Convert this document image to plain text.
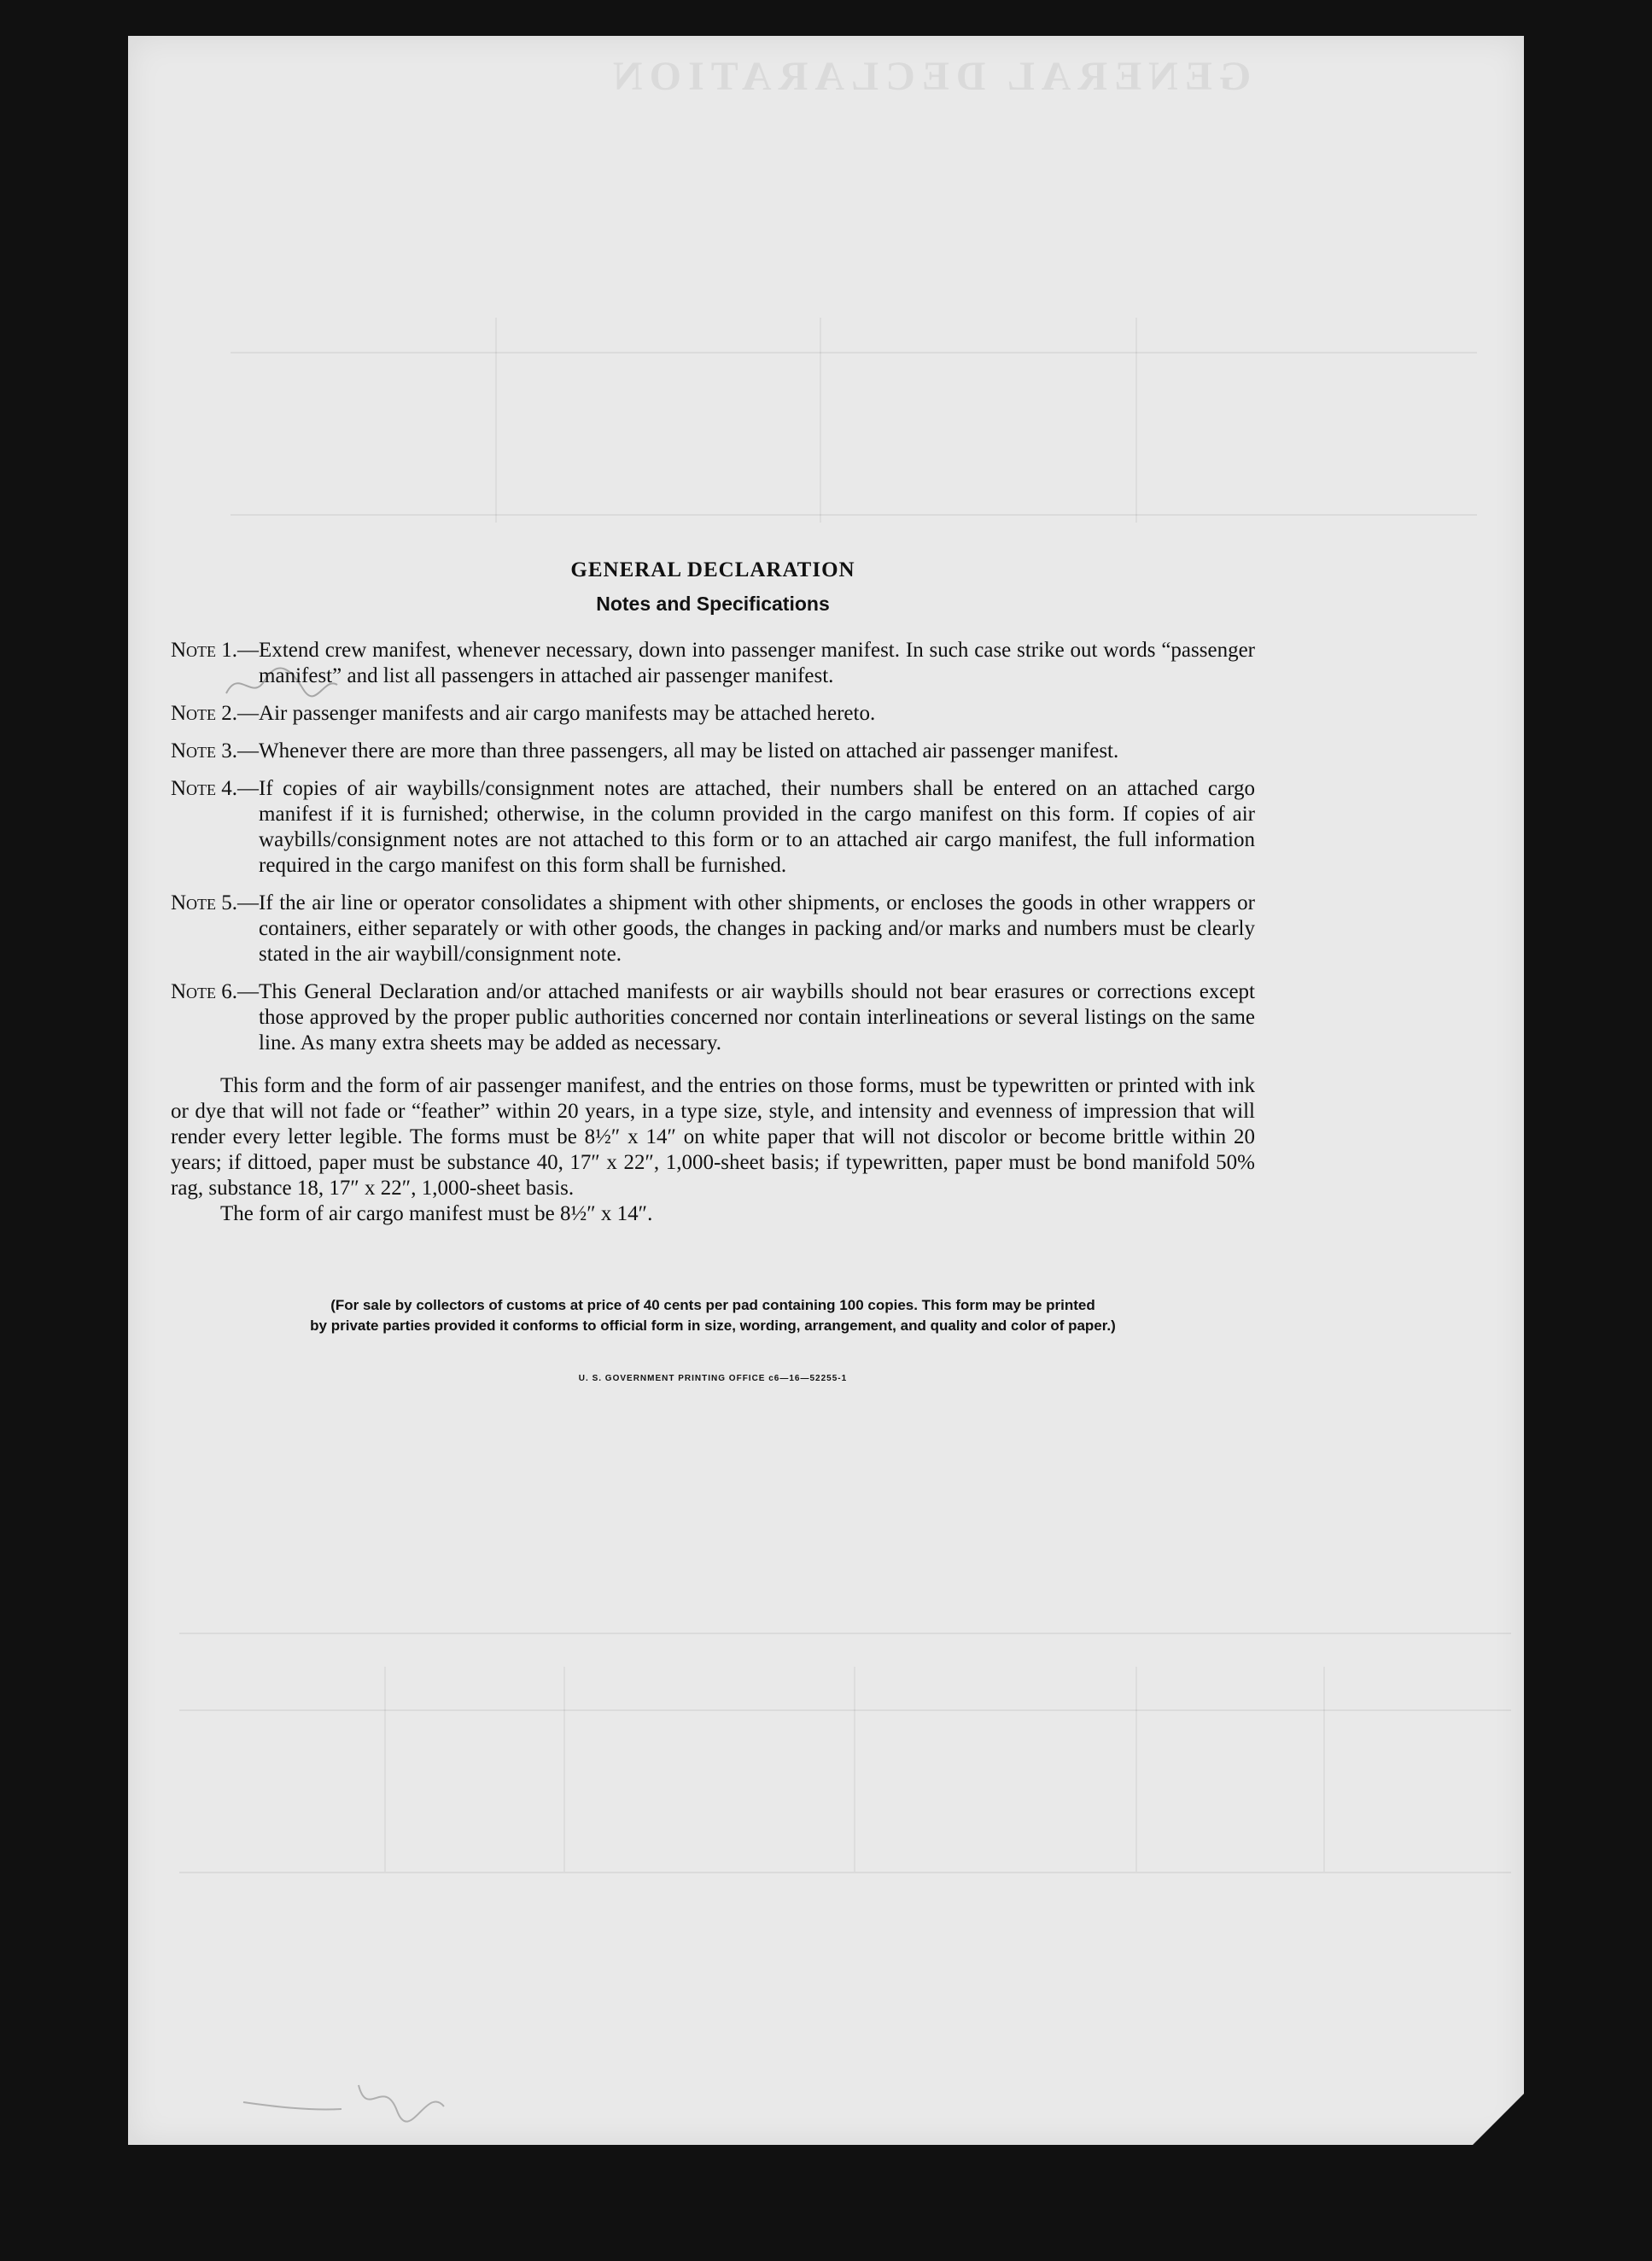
GENERAL DECLARATION
GENERAL DECLARATION
Notes and Specifications
Note 1. — Extend crew manifest, whenever necessary, down into passenger manifest. In such case strike out words “passenger manifest” and list all passengers in attached air passenger manifest.
Note 2. — Air passenger manifests and air cargo manifests may be attached hereto.
Note 3. — Whenever there are more than three passengers, all may be listed on attached air passenger manifest.
Note 4. — If copies of air waybills/consignment notes are attached, their numbers shall be entered on an attached cargo manifest if it is furnished; otherwise, in the column provided in the cargo manifest on this form. If copies of air waybills/consignment notes are not attached to this form or to an attached air cargo manifest, the full information required in the cargo manifest on this form shall be furnished.
Note 5. — If the air line or operator consolidates a shipment with other shipments, or encloses the goods in other wrappers or containers, either separately or with other goods, the changes in packing and/or marks and numbers must be clearly stated in the air waybill/consignment note.
Note 6. — This General Declaration and/or attached manifests or air waybills should not bear erasures or corrections except those approved by the proper public authorities concerned nor contain interlineations or several listings on the same line. As many extra sheets may be added as necessary.
This form and the form of air passenger manifest, and the entries on those forms, must be typewritten or printed with ink or dye that will not fade or “feather” within 20 years, in a type size, style, and intensity and evenness of impression that will render every letter legible. The forms must be 8½″ x 14″ on white paper that will not discolor or become brittle within 20 years; if dittoed, paper must be substance 40, 17″ x 22″, 1,000-sheet basis; if typewritten, paper must be bond manifold 50% rag, substance 18, 17″ x 22″, 1,000-sheet basis.
The form of air cargo manifest must be 8½″ x 14″.
(For sale by collectors of customs at price of 40 cents per pad containing 100 copies. This form may be printed
by private parties provided it conforms to official form in size, wording, arrangement, and quality and color of paper.)
U. S. GOVERNMENT PRINTING OFFICE c6—16—52255-1
